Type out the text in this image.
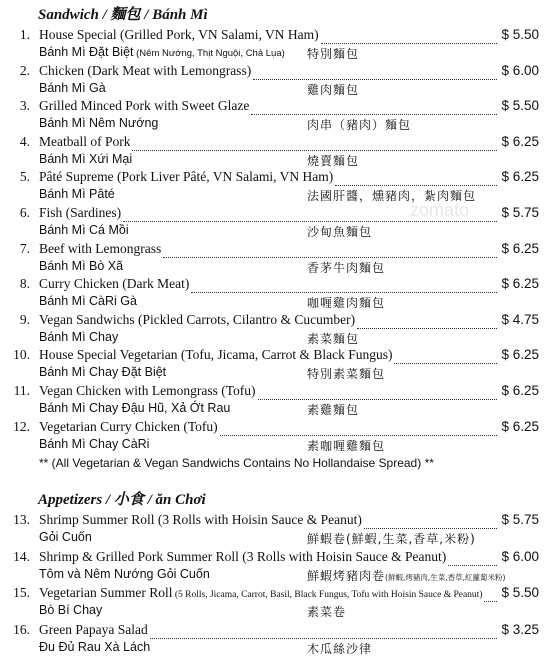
zomato
Sandwich / 麵包 / Bánh Mì
1. House Special (Grilled Pork, VN Salami, VN Ham)	$ 5.50
Bánh Mì Đặt Biệt (Nêm Nướng, Thịt Nguội, Chả Lụa) 特別麵包
2. Chicken (Dark Meat with Lemongrass)	$ 6.00
Bánh Mì Gà	雞肉麵包
3. Grilled Minced Pork with Sweet Glaze	$ 5.50
Bánh Mì Nêm Nướng	肉串（豬肉）麵包
4. Meatball of Pork	$ 6.25
Bánh Mì Xứi Mại	燒賣麵包
5. Pâté Supreme (Pork Liver Pâté, VN Salami, VN Ham)	$ 6.25
Bánh Mì Pâté	法國肝醬，燻豬肉，紮肉麵包
6. Fish (Sardines)	$ 5.75
Bánh Mì Cá Mồi	沙甸魚麵包
7. Beef with Lemongrass	$ 6.25
Bánh Mì Bò Xã	香茅牛肉麵包
8. Curry Chicken (Dark Meat)	$ 6.25
Bánh Mì CàRi Gà	咖喱雞肉麵包
9. Vegan Sandwichs (Pickled Carrots, Cilantro & Cucumber)	$ 4.75
Bánh Mì Chay	素菜麵包
10. House Special Vegetarian (Tofu, Jicama, Carrot & Black Fungus)	$ 6.25
Bánh Mì Chay Đặt Biệt	特別素菜麵包
11. Vegan Chicken with Lemongrass (Tofu)	$ 6.25
Bánh Mì Chay Đậu Hũ, Xả Ớt Rau	素雞麵包
12. Vegetarian Curry Chicken (Tofu)	$ 6.25
Bánh Mì Chay CàRi	素咖喱雞麵包
** (All Vegetarian & Vegan Sandwichs Contains No Hollandaise Spread) **
Appetizers / 小食 / ăn Chơi
13. Shrimp Summer Roll (3 Rolls with Hoisin Sauce & Peanut)	$ 5.75
Gỏi Cuốn	鮮蝦卷(鮮蝦,生菜,香草,米粉)
14. Shrimp & Grilled Pork Summer Roll (3 Rolls with Hoisin Sauce & Peanut)	$ 6.00
Tôm và Nêm Nướng Gỏi Cuốn	鮮蝦烤豬肉卷(鮮蝦,烤豬肉,生菜,香草,紅蘿蔔米粉)
15. Vegetarian Summer Roll (5 Rolls, Jicama, Carrot, Basil, Black Fungus, Tofu with Hoisin Sauce & Peanut) $ 5.50
Bò Bí Chay	素菜卷
16. Green Papaya Salad	$ 3.25
Đu Đủ Rau Xà Lách	木瓜絲沙律
